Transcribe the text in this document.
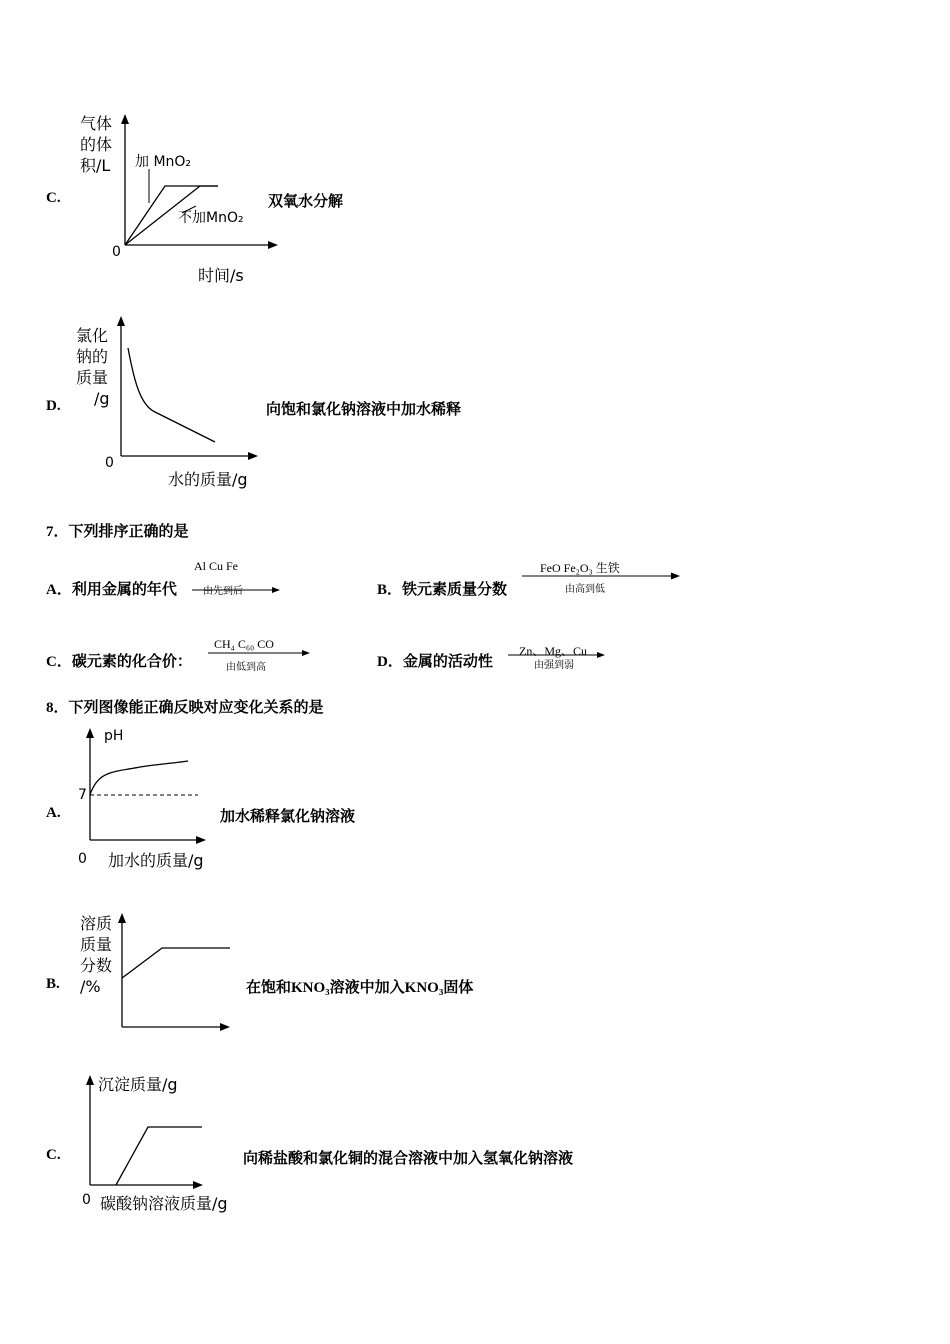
C.
气体
的体
积/L 加 MnO₂
不加MnO₂
0
时间/s
双氧水分解
D.
氯化
钠的
质量
/g
0
水的质量/g
向饱和氯化钠溶液中加水稀释
7．下列排序正确的是
A．利用金属的年代
Al Cu Fe
由先到后	B．铁元素质量分数
FeO Fe₂O₃ 生铁
由高到低
C．碳元素的化合价：
CH₄ C₆₀ CO
由低到高	D．金属的活动性
Zn、Mg、Cu
由强到弱
8．下列图像能正确反映对应变化关系的是
A.
pH
7
0 加水的质量/g
加水稀释氯化钠溶液
B.
溶质
质量
分数
/%	在饱和KNO₃溶液中加入KNO₃固体
C.
沉淀质量/g
0 碳酸钠溶液质量/g
向稀盐酸和氯化铜的混合溶液中加入氢氧化钠溶液
